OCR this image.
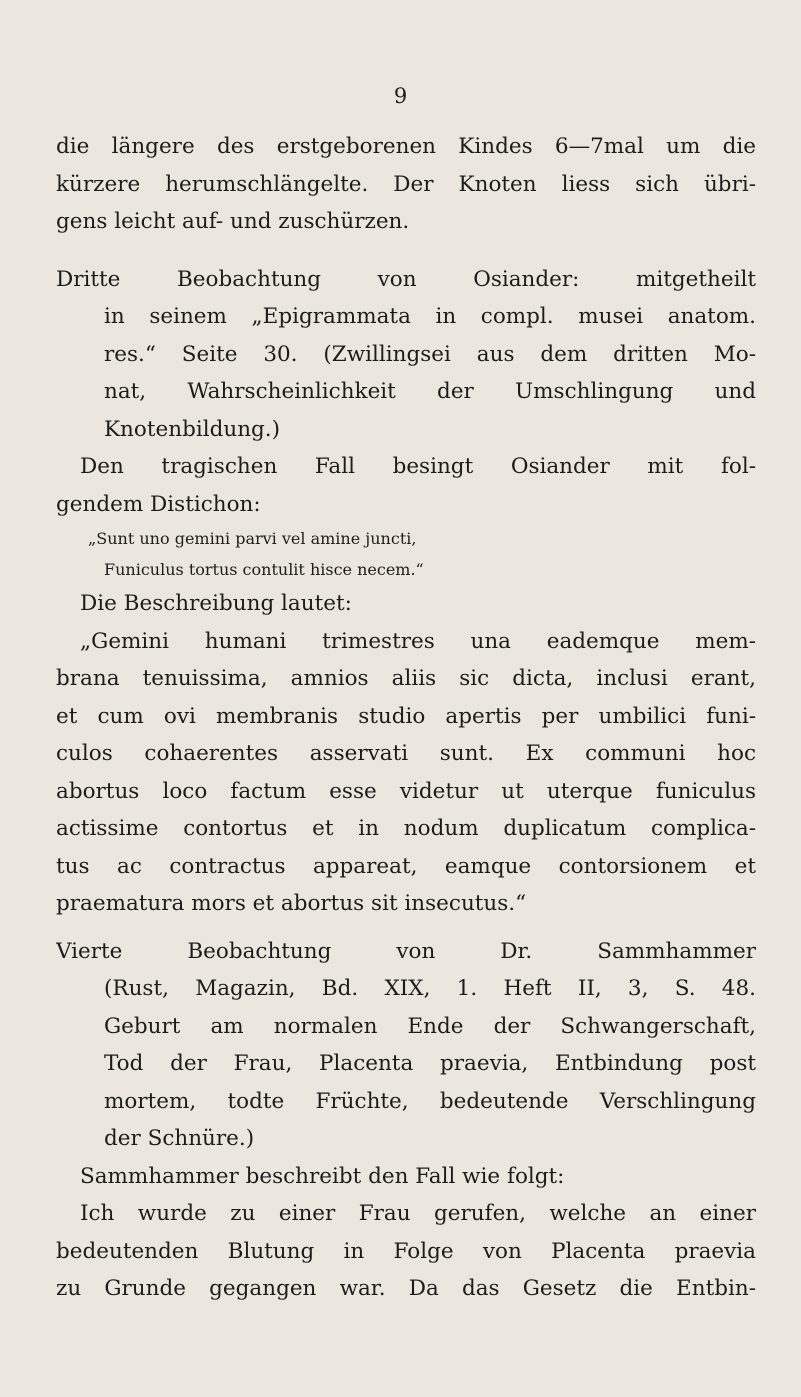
9
die längere des erstgeborenen Kindes 6—7mal um die
kürzere herumschlängelte. Der Knoten liess sich übri-
gens leicht auf- und zuschürzen.
Dritte Beobachtung von Osiander: mitgetheilt
in seinem „Epigrammata in compl. musei anatom.
res.“ Seite 30. (Zwillingsei aus dem dritten Mo-
nat, Wahrscheinlichkeit der Umschlingung und
Knotenbildung.)
Den tragischen Fall besingt Osiander mit fol-
gendem Distichon:
„Sunt uno gemini parvi vel amine juncti,
Funiculus tortus contulit hisce necem.“
Die Beschreibung lautet:
„Gemini humani trimestres una eademque mem-
brana tenuissima, amnios aliis sic dicta, inclusi erant,
et cum ovi membranis studio apertis per umbilici funi-
culos cohaerentes asservati sunt. Ex communi hoc
abortus loco factum esse videtur ut uterque funiculus
actissime contortus et in nodum duplicatum complica-
tus ac contractus appareat, eamque contorsionem et
praematura mors et abortus sit insecutus.“
Vierte Beobachtung von Dr. Sammhammer
(Rust, Magazin, Bd. XIX, 1. Heft II, 3, S. 48.
Geburt am normalen Ende der Schwangerschaft,
Tod der Frau, Placenta praevia, Entbindung post
mortem, todte Früchte, bedeutende Verschlingung
der Schnüre.)
Sammhammer beschreibt den Fall wie folgt:
Ich wurde zu einer Frau gerufen, welche an einer
bedeutenden Blutung in Folge von Placenta praevia
zu Grunde gegangen war. Da das Gesetz die Entbin-
